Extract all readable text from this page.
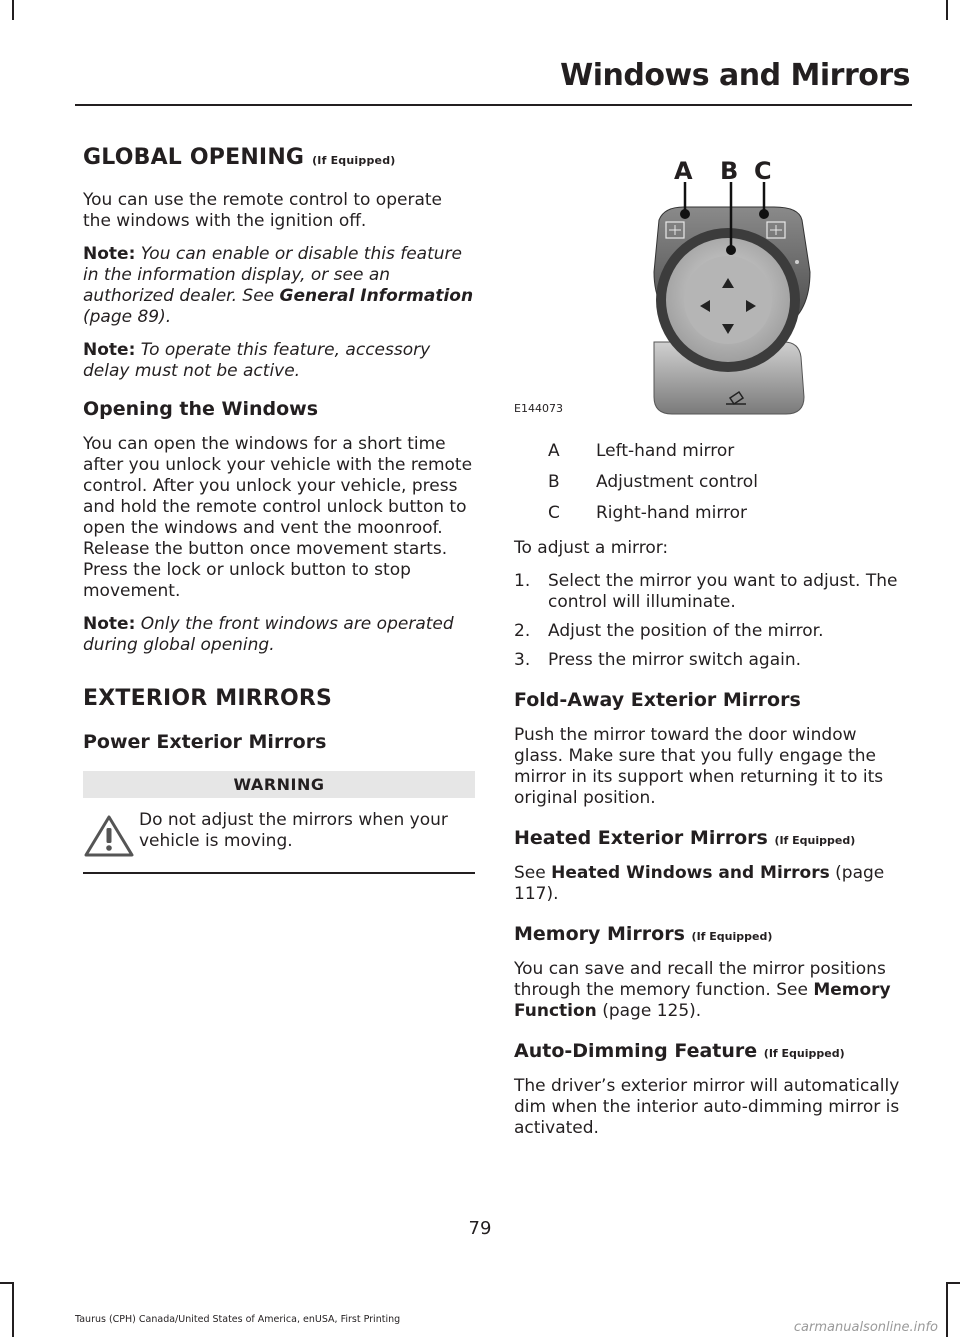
Windows and Mirrors
GLOBAL OPENING (If Equipped)

You can use the remote control to operate the windows with the ignition off.

Note: You can enable or disable this feature in the information display, or see an authorized dealer. See General Information (page 89).

Note: To operate this feature, accessory delay must not be active.

Opening the Windows

You can open the windows for a short time after you unlock your vehicle with the remote control. After you unlock your vehicle, press and hold the remote control unlock button to open the windows and vent the moonroof. Release the button once movement starts. Press the lock or unlock button to stop movement.

Note: Only the front windows are operated during global opening.

EXTERIOR MIRRORS
Power Exterior Mirrors
WARNING
Do not adjust the mirrors when your vehicle is moving.
A B C
E144073
A	Left-hand mirror
B	Adjustment control
C	Right-hand mirror

To adjust a mirror:

1.	Select the mirror you want to adjust. The control will illuminate.
2.	Adjust the position of the mirror.
3.	Press the mirror switch again.
Fold-Away Exterior Mirrors

Push the mirror toward the door window glass. Make sure that you fully engage the mirror in its support when returning it to its original position.

Heated Exterior Mirrors (If Equipped)

See Heated Windows and Mirrors (page 117).

Memory Mirrors (If Equipped)

You can save and recall the mirror positions through the memory function. See Memory Function (page 125).

Auto-Dimming Feature (If Equipped)

The driver’s exterior mirror will automatically dim when the interior auto-dimming mirror is activated.

79
Taurus (CPH) Canada/United States of America, enUSA, First Printing
carmanualsonline.info
